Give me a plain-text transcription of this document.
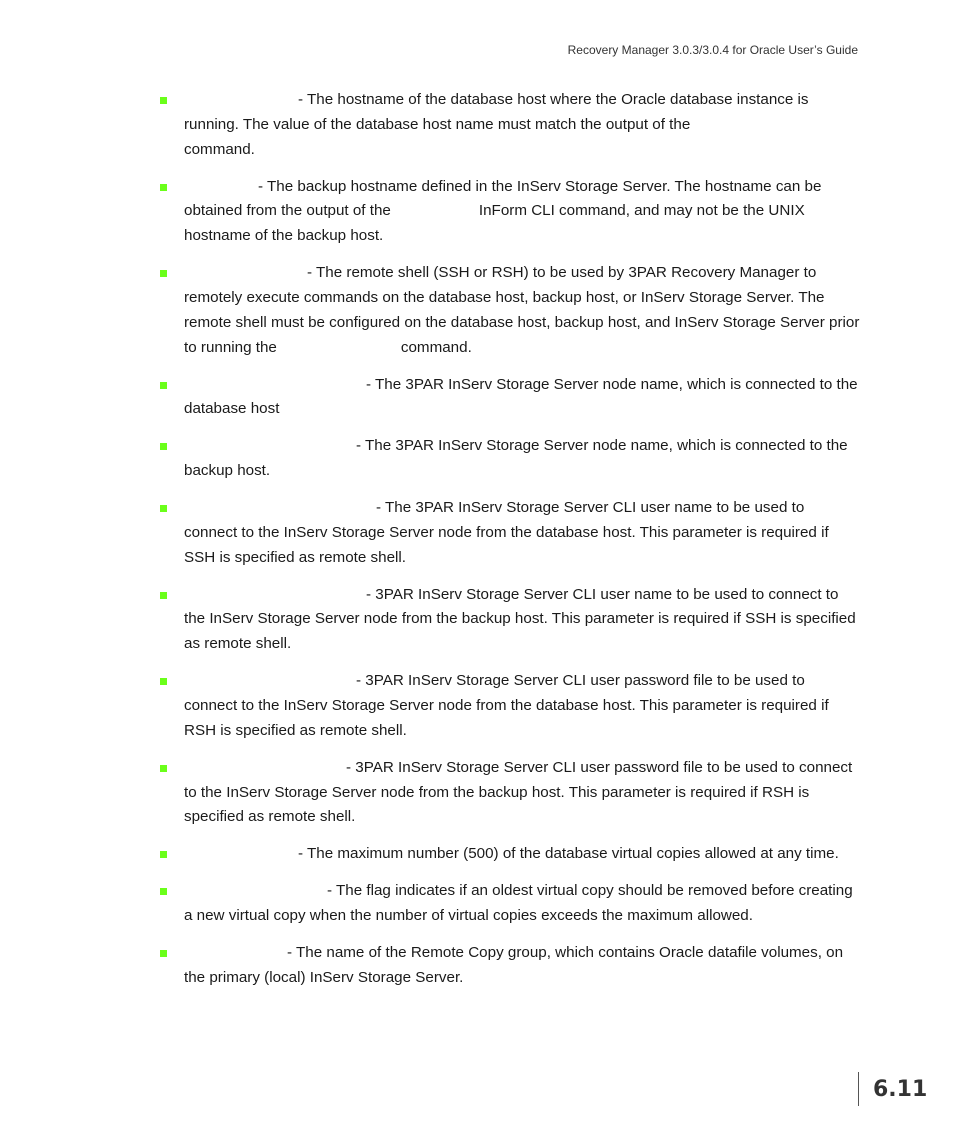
Recovery Manager 3.0.3/3.0.4 for Oracle User’s Guide
- The hostname of the database host where the Oracle database instance is running. The value of the database host name must match the output of thecommand.
- The backup hostname defined in the InServ Storage Server. The hostname can be obtained from the output of the	InForm CLI command, and may not be the UNIX hostname of the backup host.
- The remote shell (SSH or RSH) to be used by 3PAR Recovery Manager to remotely execute commands on the database host, backup host, or InServ Storage Server. The remote shell must be configured on the database host, backup host, and InServ Storage Server prior to running the	command.
- The 3PAR InServ Storage Server node name, which is connected to the database host
- The 3PAR InServ Storage Server node name, which is connected to the backup host.
- The 3PAR InServ Storage Server CLI user name to be used to connect to the InServ Storage Server node from the database host. This parameter is required if SSH is specified as remote shell.
- 3PAR InServ Storage Server CLI user name to be used to connect to the InServ Storage Server node from the backup host. This parameter is required if SSH is specified as remote shell.
- 3PAR InServ Storage Server CLI user password file to be used to connect to the InServ Storage Server node from the database host. This parameter is required if RSH is specified as remote shell.
- 3PAR InServ Storage Server CLI user password file to be used to connect to the InServ Storage Server node from the backup host. This parameter is required if RSH is specified as remote shell.
- The maximum number (500) of the database virtual copies allowed at any time.
- The flag indicates if an oldest virtual copy should be removed before creating a new virtual copy when the number of virtual copies exceeds the maximum allowed.
- The name of the Remote Copy group, which contains Oracle datafile volumes, on the primary (local) InServ Storage Server.
6.11
